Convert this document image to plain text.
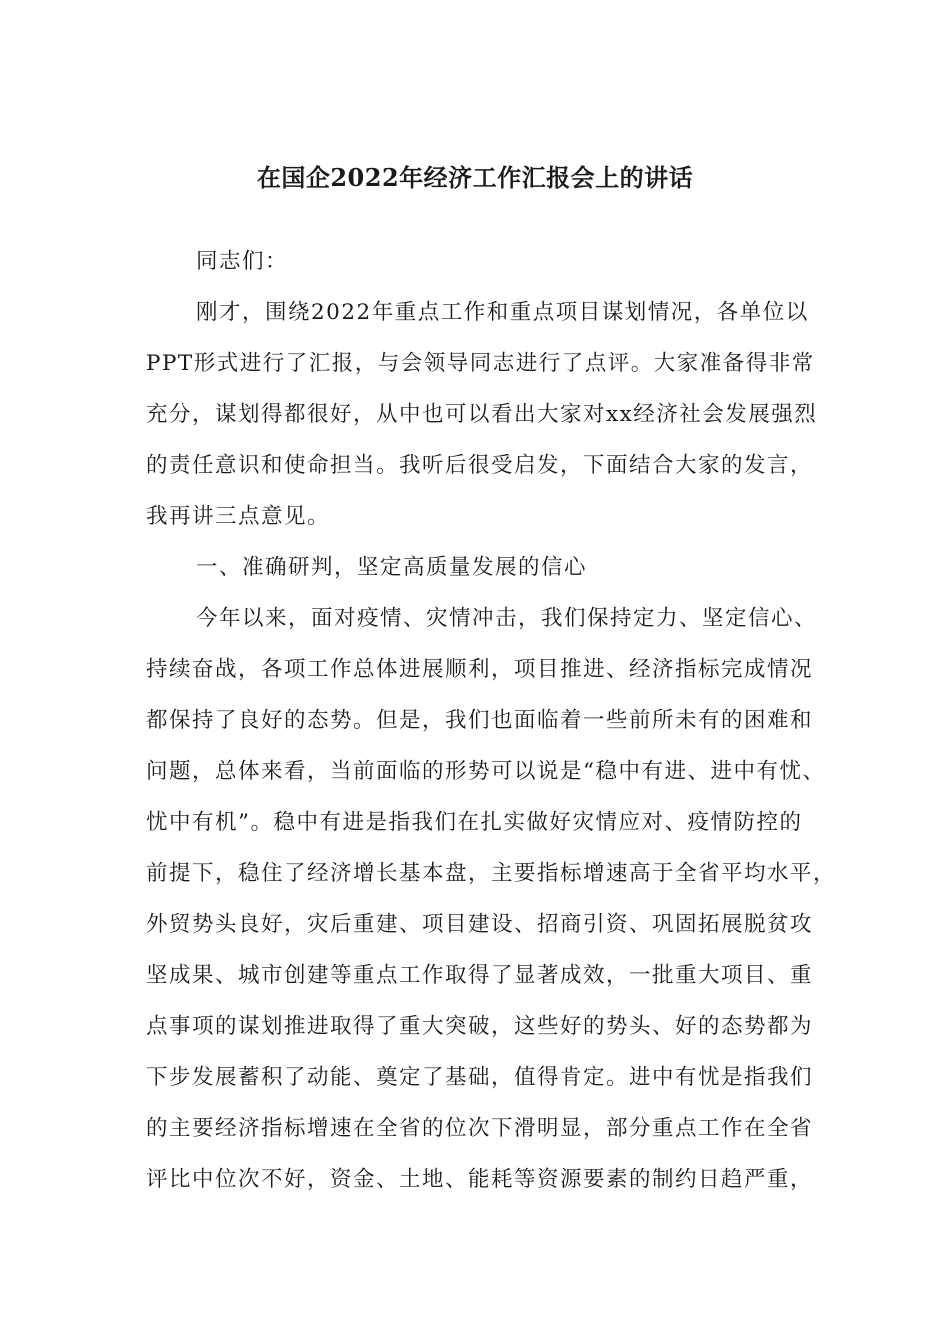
在国企2022年经济工作汇报会上的讲话
同志们：
刚才，围绕2022年重点工作和重点项目谋划情况，各单位以
PPT形式进行了汇报，与会领导同志进行了点评。大家准备得非常
充分，谋划得都很好，从中也可以看出大家对xx经济社会发展强烈
的责任意识和使命担当。我听后很受启发，下面结合大家的发言，
我再讲三点意见。
一、准确研判，坚定高质量发展的信心
今年以来，面对疫情、灾情冲击，我们保持定力、坚定信心、
持续奋战，各项工作总体进展顺利，项目推进、经济指标完成情况
都保持了良好的态势。但是，我们也面临着一些前所未有的困难和
问题，总体来看，当前面临的形势可以说是“稳中有进、进中有忧、
忧中有机”。稳中有进是指我们在扎实做好灾情应对、疫情防控的
前提下，稳住了经济增长基本盘，主要指标增速高于全省平均水平，
外贸势头良好，灾后重建、项目建设、招商引资、巩固拓展脱贫攻
坚成果、城市创建等重点工作取得了显著成效，一批重大项目、重
点事项的谋划推进取得了重大突破，这些好的势头、好的态势都为
下步发展蓄积了动能、奠定了基础，值得肯定。进中有忧是指我们
的主要经济指标增速在全省的位次下滑明显，部分重点工作在全省
评比中位次不好，资金、土地、能耗等资源要素的制约日趋严重，
